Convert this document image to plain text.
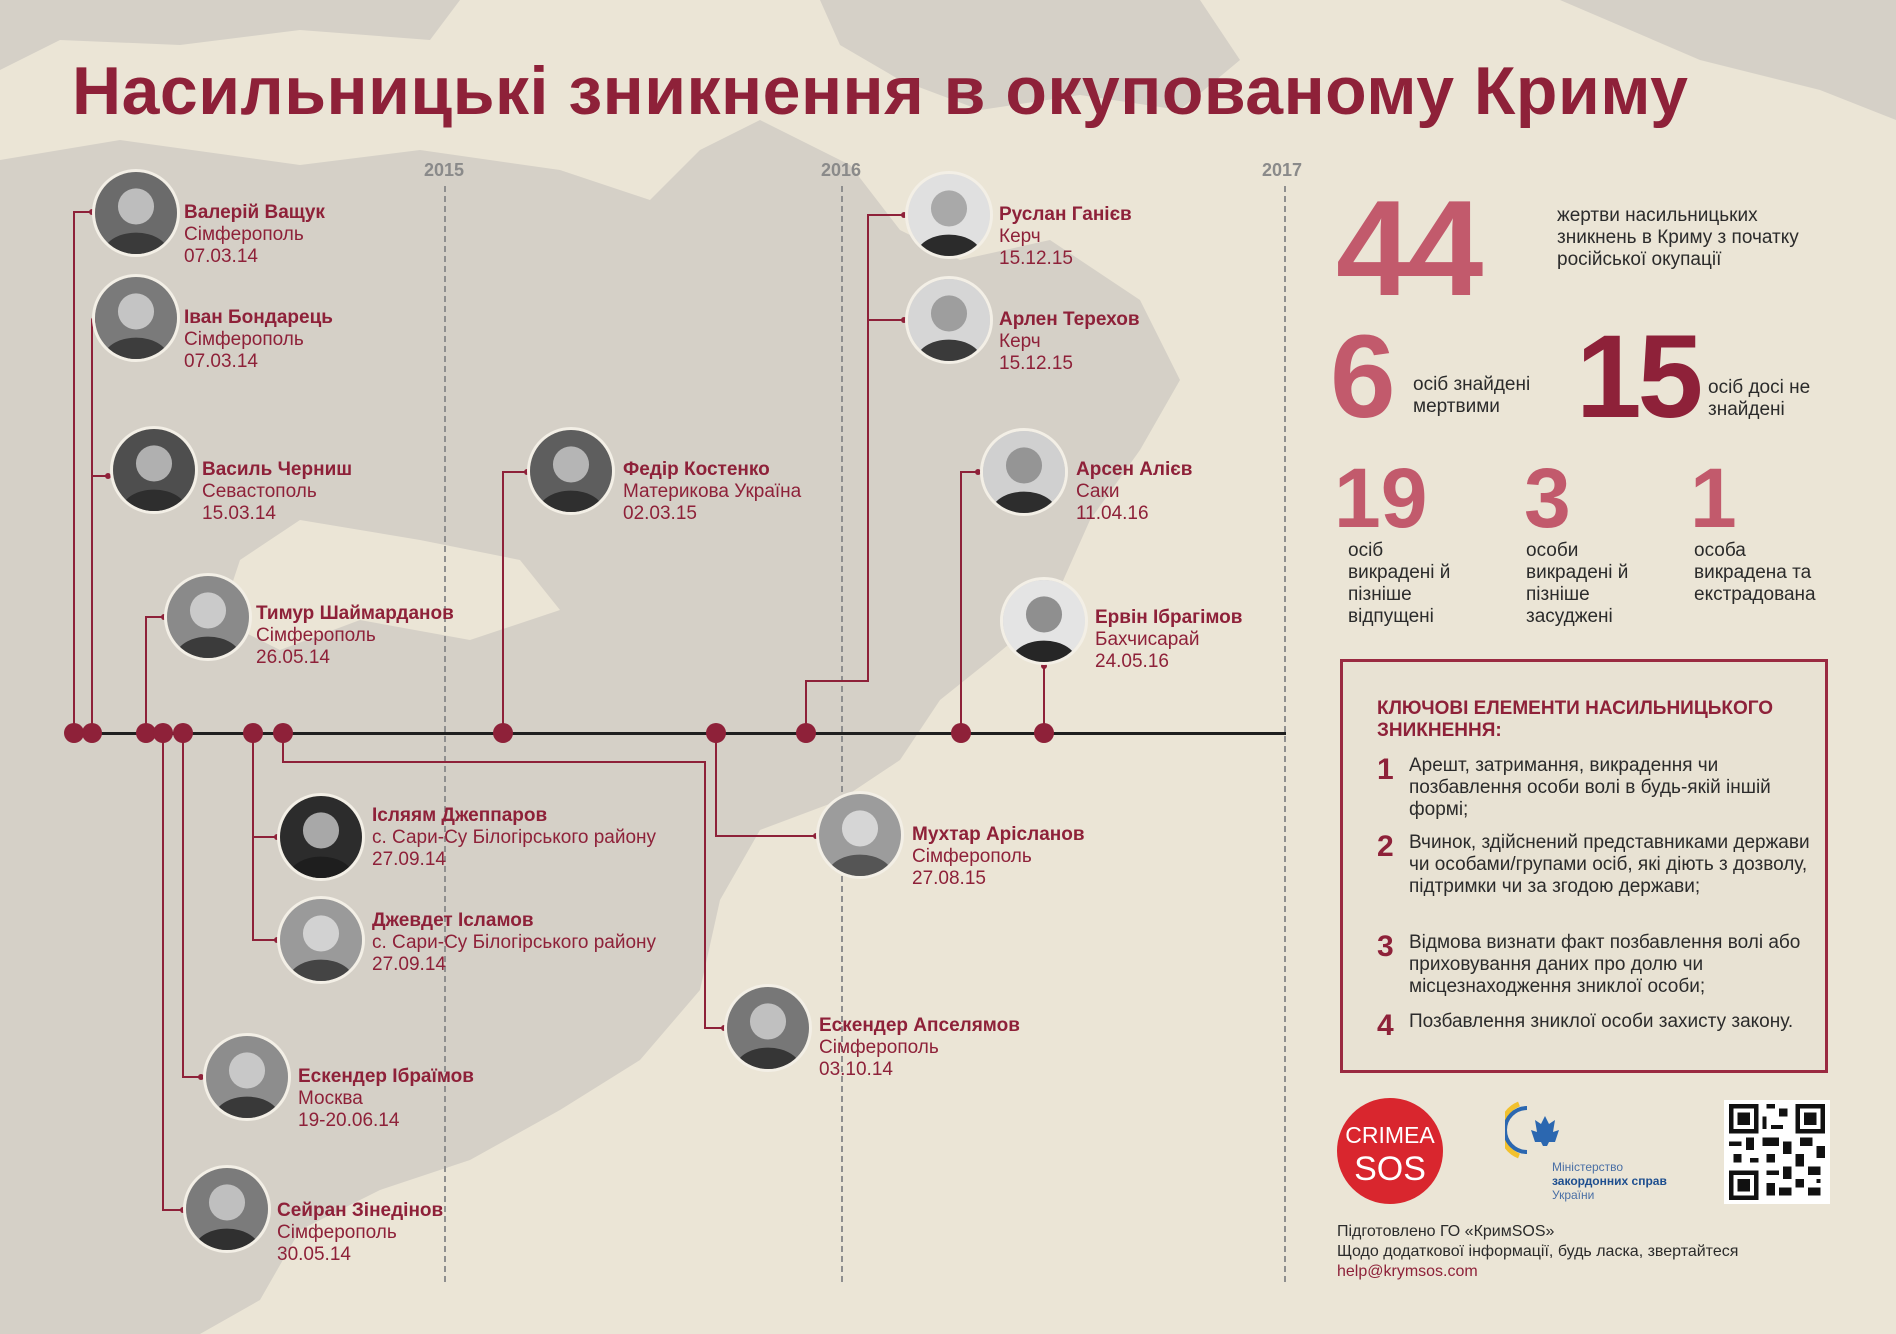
Насильницькі зникнення в окупованому Криму
2015	2016	2017
Валерій Ващук
Сімферополь
07.03.14
Іван Бондарець
Сімферополь
07.03.14
Василь Черниш
Севастополь
15.03.14
Тимур Шаймарданов
Сімферополь
26.05.14
Ісляям Джеппаров
с. Сари-Су Білогірського району
27.09.14
Джевдет Ісламов
с. Сари-Су Білогірського району
27.09.14
Ескендер Ібраїмов
Москва
19-20.06.14
Сейран Зінедінов
Сімферополь
30.05.14
Федір Костенко
Материкова Україна
02.03.15
Мухтар Арісланов
Сімферополь
27.08.15
Ескендер Апселямов
Сімферополь
03.10.14
Руслан Ганієв
Керч
15.12.15
Арлен Терехов
Керч
15.12.15
Арсен Алієв
Саки
11.04.16
Ервін Ібрагімов
Бахчисарай
24.05.16
44	жертви насильницьких зникнень в Криму з початку російської окупації
6 осіб знайдені мертвими 15 осіб досі не знайдені
19
осіб викрадені й пізніше відпущені
3
особи викрадені й пізніше засуджені
1
особа викрадена та екстрадована
КЛЮЧОВІ ЕЛЕМЕНТИ НАСИЛЬНИЦЬКОГО ЗНИКНЕННЯ:
1 Арешт, затримання, викрадення чи позбавлення особи волі в будь-якій іншій формі;
2 Вчинок, здійснений представниками держави чи особами/групами осіб, які діють з дозволу, підтримки чи за згодою держави;
3 Відмова визнати факт позбавлення волі або приховування даних про долю чи місцезнаходження зниклої особи;
4 Позбавлення зниклої особи захисту закону.
CRIMEA
SOS	Міністерство
закордонних справ
України
Підготовлено ГО «КримSOS»
Щодо додаткової інформації, будь ласка, звертайтеся
help@krymsos.com
